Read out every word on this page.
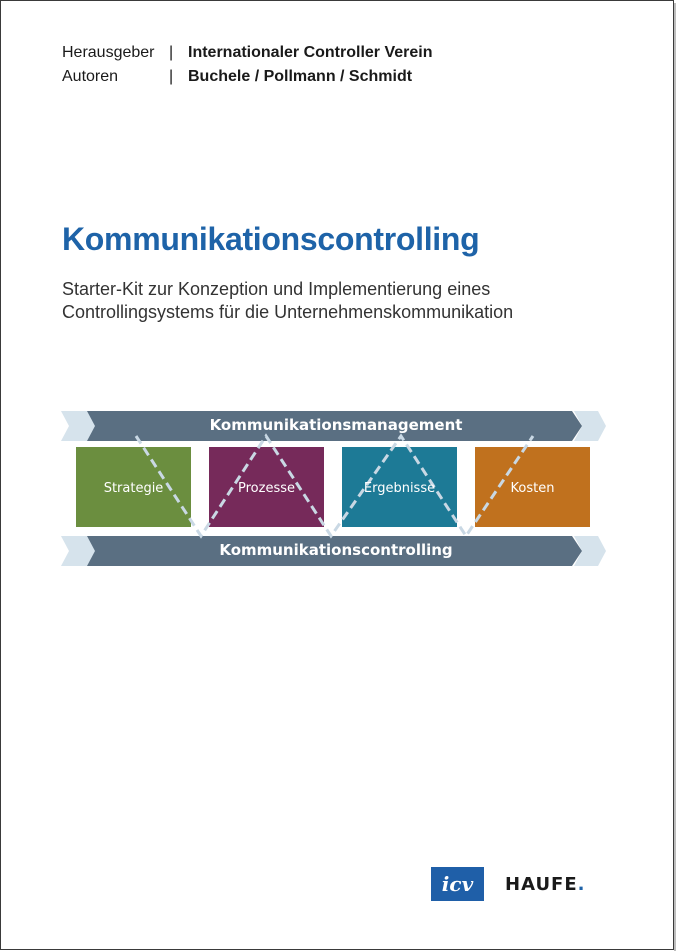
Herausgeber | Internationaler Controller Verein
Autoren	| Buchele / Pollmann / Schmidt
Kommunikationscontrolling
Starter-Kit zur Konzeption und Implementierung eines
Controllingsystems für die Unternehmenskommunikation
Kommunikationsmanagement
Kommunikationscontrolling
Strategie	Prozesse	Ergebnisse	Kosten
icv	HAUFE.
